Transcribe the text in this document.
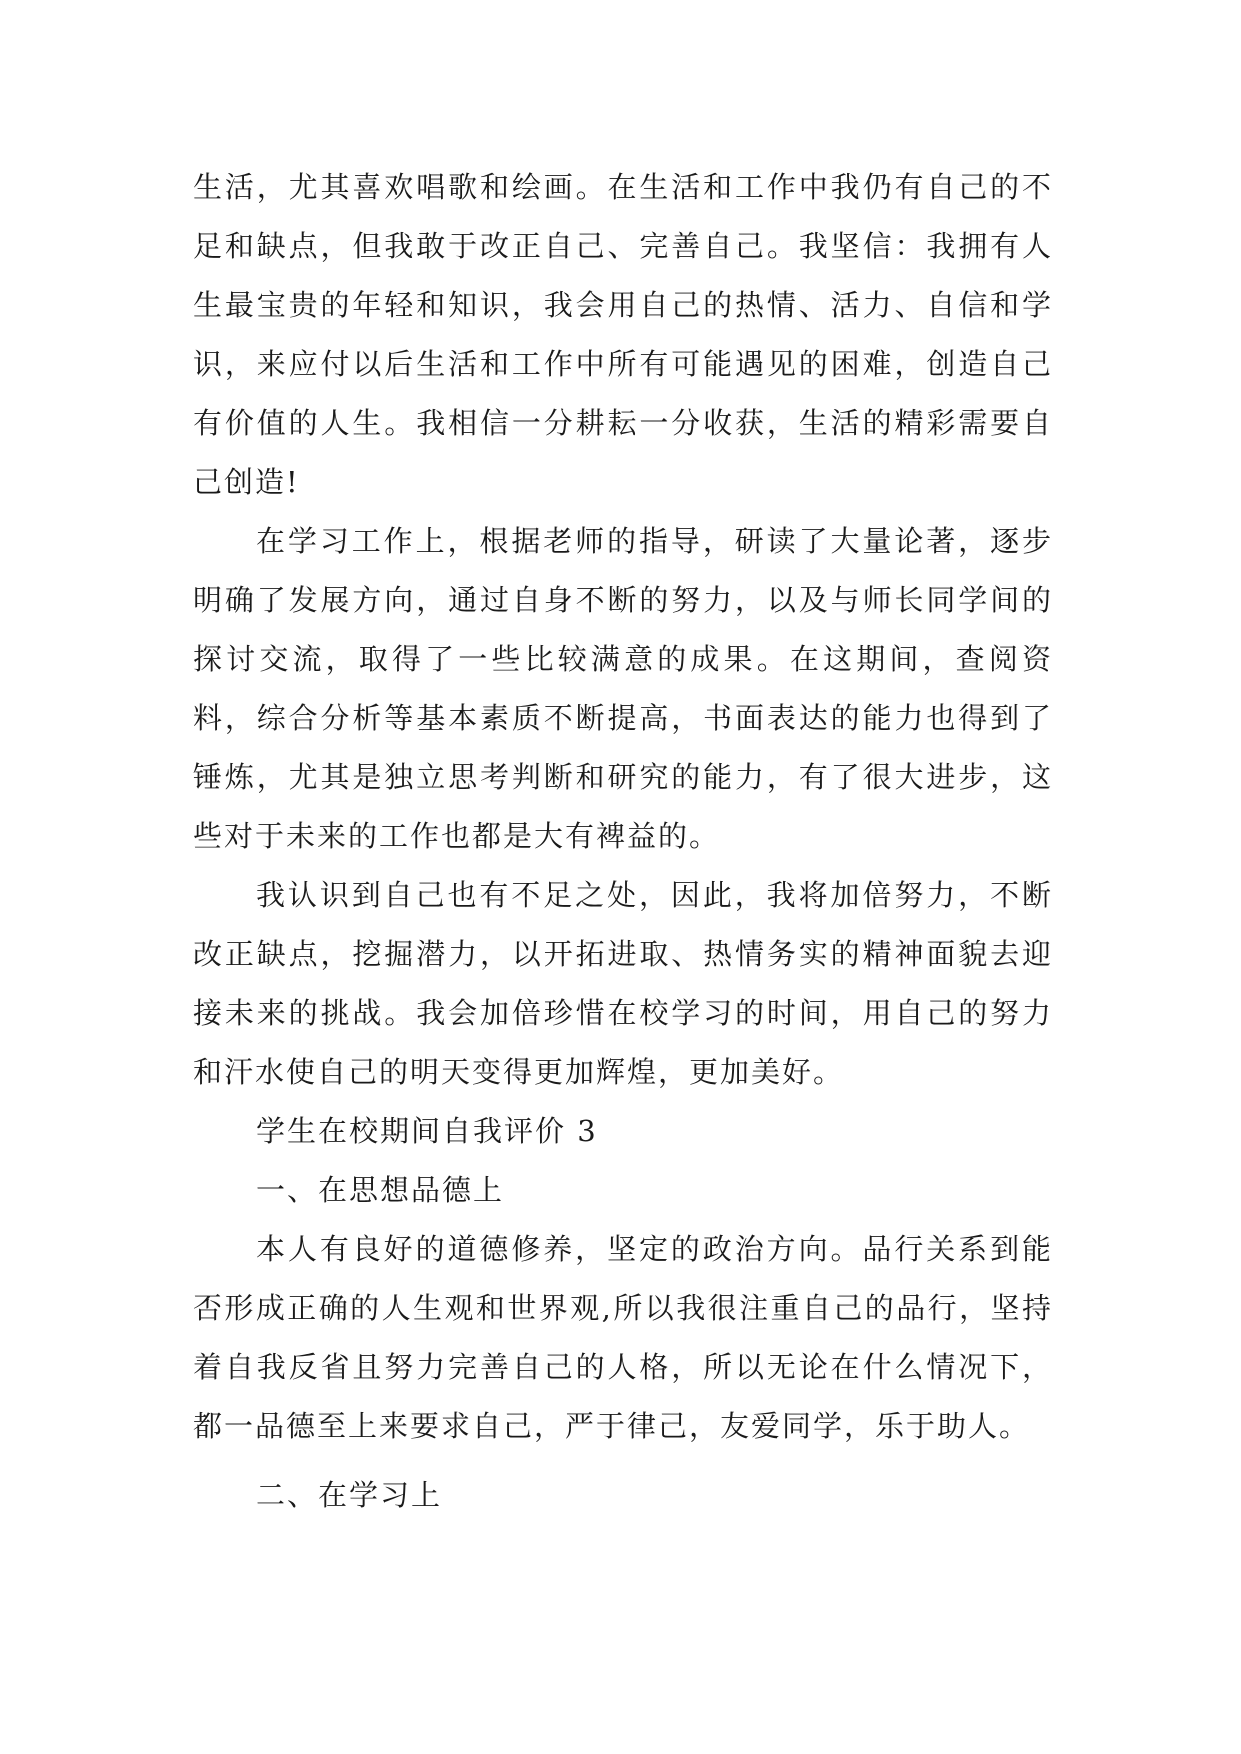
生活，尤其喜欢唱歌和绘画。在生活和工作中我仍有自己的不足和缺点，但我敢于改正自己、完善自己。我坚信：我拥有人生最宝贵的年轻和知识，我会用自己的热情、活力、自信和学识，来应付以后生活和工作中所有可能遇见的困难，创造自己有价值的人生。我相信一分耕耘一分收获，生活的精彩需要自己创造!

在学习工作上，根据老师的指导，研读了大量论著，逐步明确了发展方向，通过自身不断的努力，以及与师长同学间的探讨交流，取得了一些比较满意的成果。在这期间，查阅资料，综合分析等基本素质不断提高，书面表达的能力也得到了锤炼，尤其是独立思考判断和研究的能力，有了很大进步，这些对于未来的工作也都是大有裨益的。

我认识到自己也有不足之处，因此，我将加倍努力，不断改正缺点，挖掘潜力，以开拓进取、热情务实的精神面貌去迎接未来的挑战。我会加倍珍惜在校学习的时间，用自己的努力和汗水使自己的明天变得更加辉煌，更加美好。

学生在校期间自我评价 3

一、在思想品德上

本人有良好的道德修养，坚定的政治方向。品行关系到能否形成正确的人生观和世界观,所以我很注重自己的品行，坚持着自我反省且努力完善自己的人格，所以无论在什么情况下，都一品德至上来要求自己，严于律己，友爱同学，乐于助人。

二、在学习上
